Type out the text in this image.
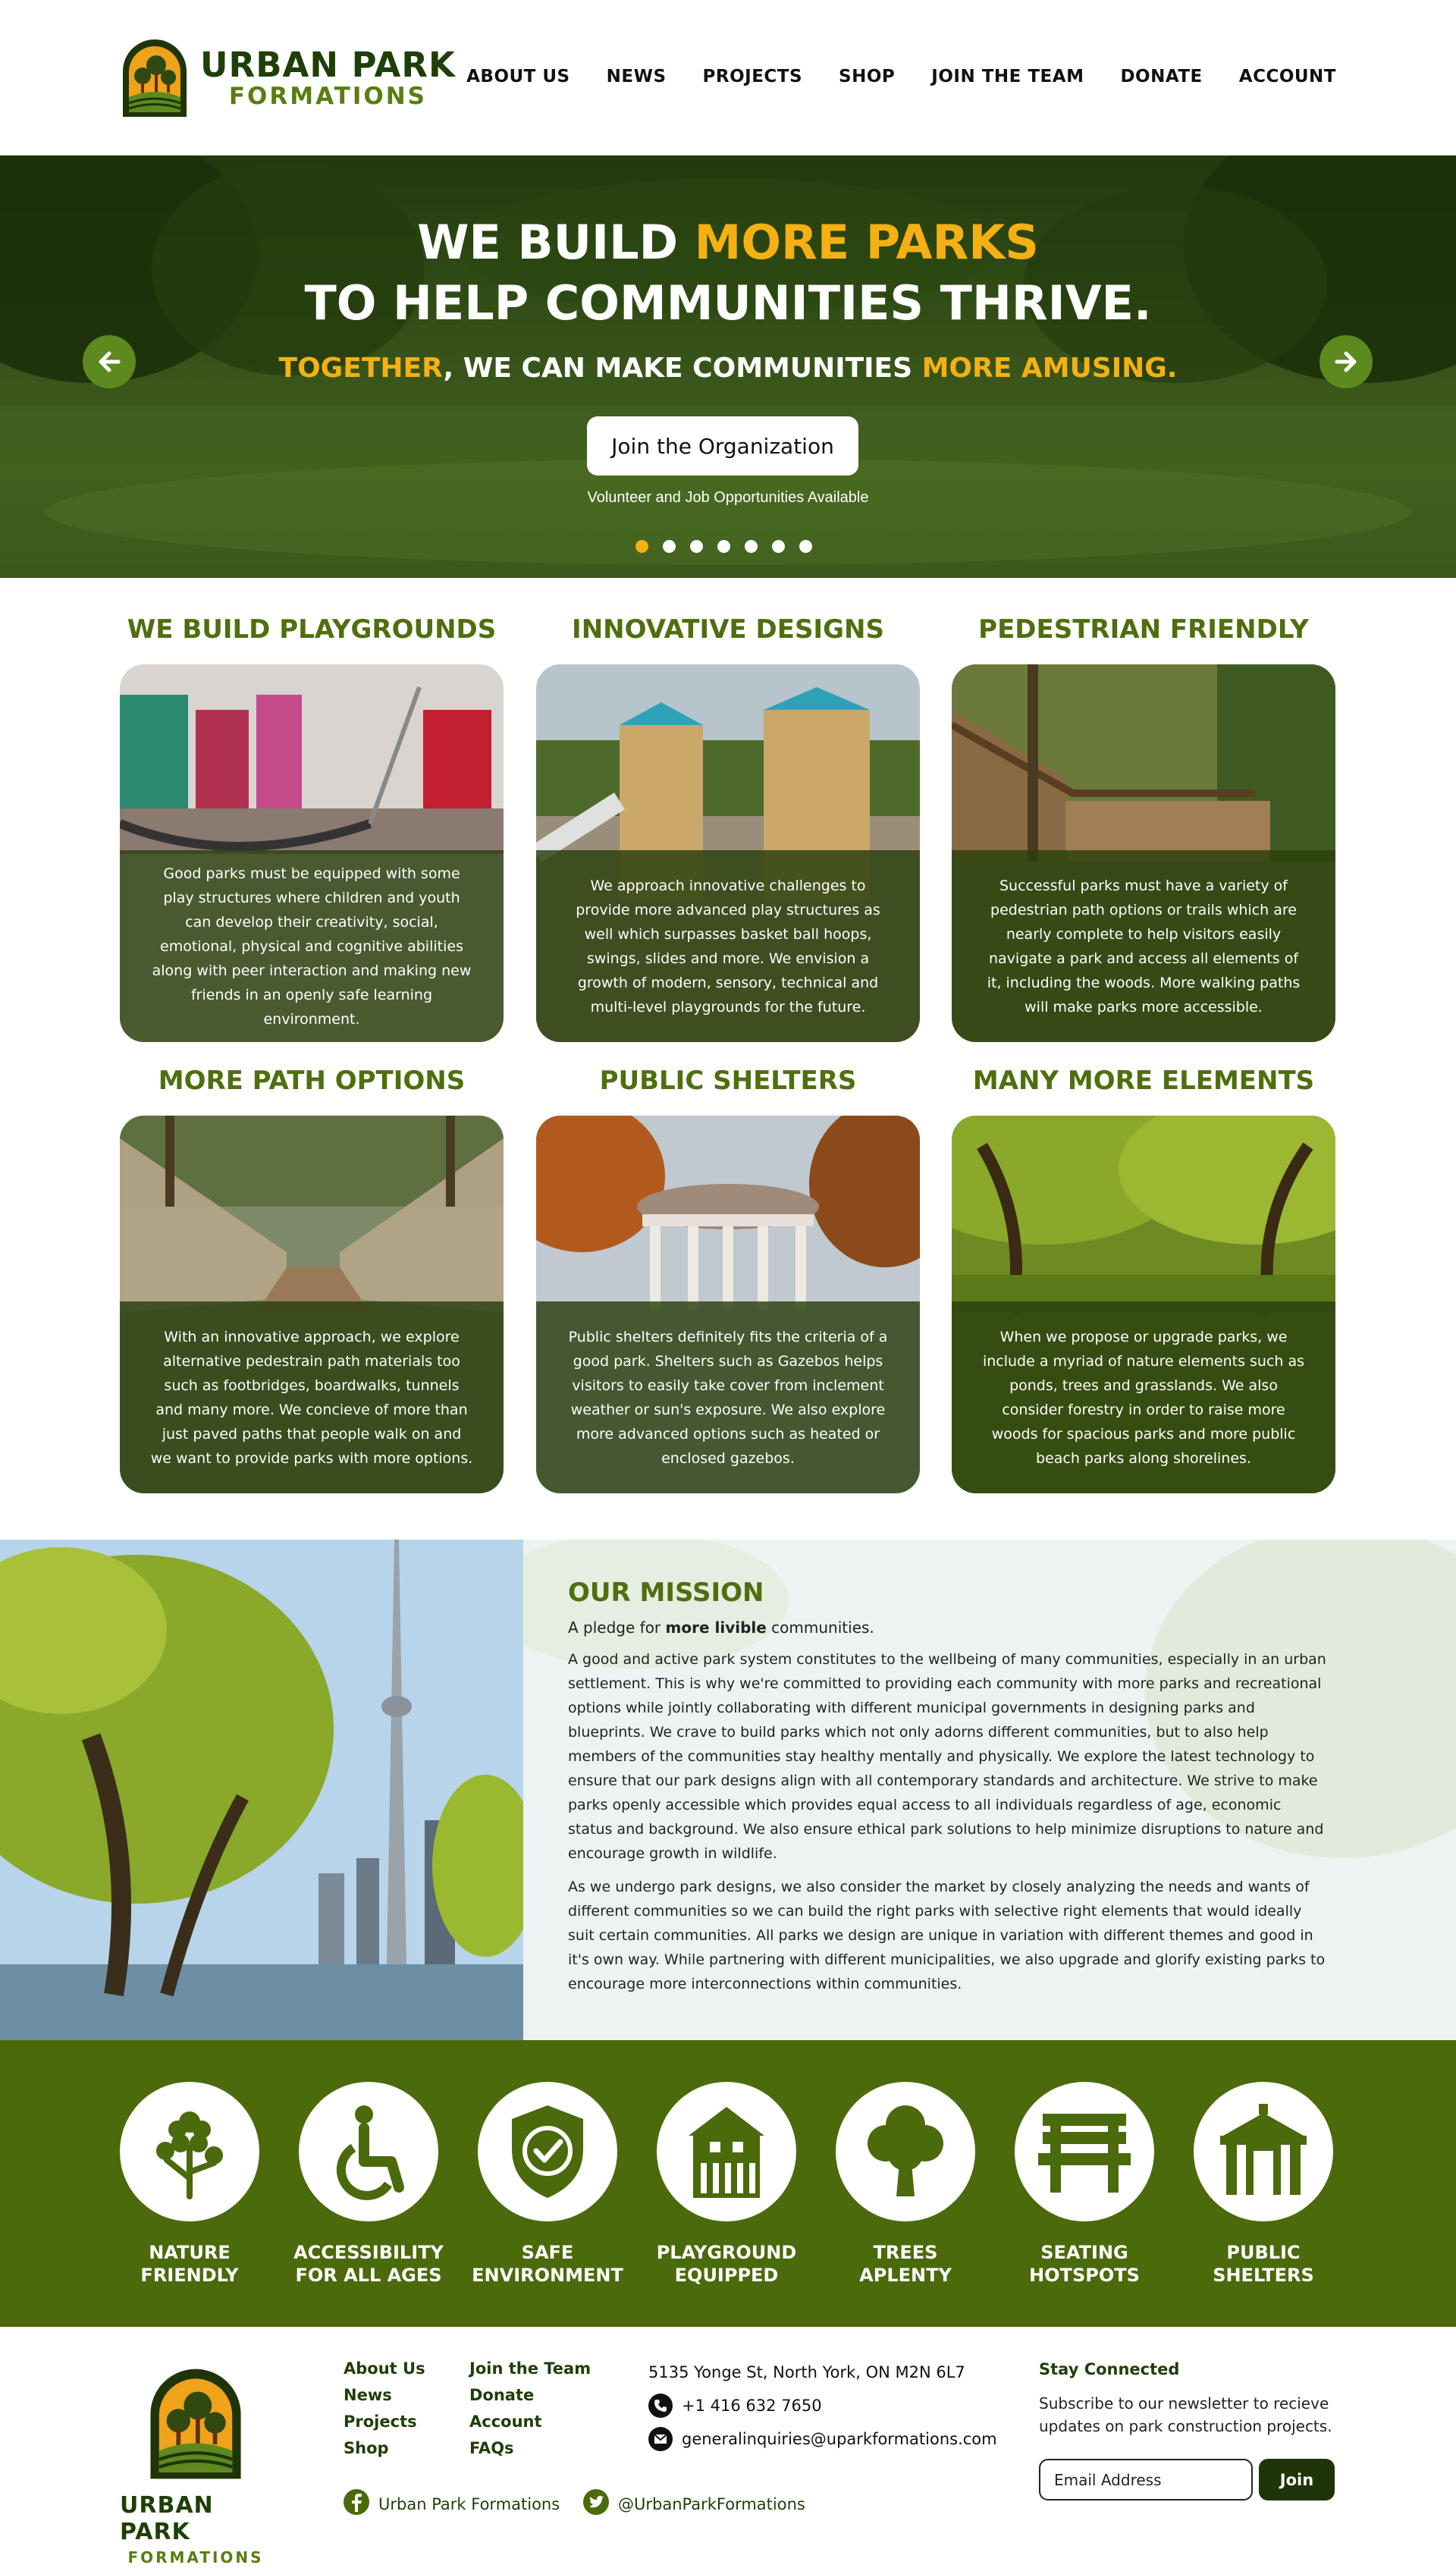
URBAN PARK
FORMATIONS
ABOUT US NEWS PROJECTS SHOP JOIN THE TEAM DONATE ACCOUNT
WE BUILD MORE PARKS
TO HELP COMMUNITIES THRIVE.
TOGETHER, WE CAN MAKE COMMUNITIES MORE AMUSING.
Join the Organization
Volunteer and Job Opportunities Available
WE BUILD PLAYGROUNDS	INNOVATIVE DESIGNS	PEDESTRIAN FRIENDLY
Good parks must be equipped with some play structures where children and youth can develop their creativity, social, emotional, physical and cognitive abilities along with peer interaction and making new friends in an openly safe learning environment.
We approach innovative challenges to provide more advanced play structures as well which surpasses basket ball hoops, swings, slides and more. We envision a growth of modern, sensory, technical and multi-level playgrounds for the future.
Successful parks must have a variety of pedestrian path options or trails which are nearly complete to help visitors easily navigate a park and access all elements of it, including the woods. More walking paths will make parks more accessible.
MORE PATH OPTIONS	PUBLIC SHELTERS	MANY MORE ELEMENTS
With an innovative approach, we explore alternative pedestrain path materials too such as footbridges, boardwalks, tunnels and many more. We concieve of more than just paved paths that people walk on and we want to provide parks with more options.
Public shelters definitely fits the criteria of a good park. Shelters such as Gazebos helps visitors to easily take cover from inclement weather or sun's exposure. We also explore more advanced options such as heated or enclosed gazebos.
When we propose or upgrade parks, we include a myriad of nature elements such as ponds, trees and grasslands. We also consider forestry in order to raise more woods for spacious parks and more public beach parks along shorelines.
OUR MISSION

A pledge for more livible communities.

A good and active park system constitutes to the wellbeing of many communities, especially in an urban settlement. This is why we're committed to providing each community with more parks and recreational options while jointly collaborating with different municipal governments in designing parks and blueprints. We crave to build parks which not only adorns different communities, but to also help members of the communities stay healthy mentally and physically. We explore the latest technology to ensure that our park designs align with all contemporary standards and architecture. We strive to make parks openly accessible which provides equal access to all individuals regardless of age, economic status and background. We also ensure ethical park solutions to help minimize disruptions to nature and encourage growth in wildlife.

As we undergo park designs, we also consider the market by closely analyzing the needs and wants of different communities so we can build the right parks with selective right elements that would ideally suit certain communities. All parks we design are unique in variation with different themes and good in it's own way. While partnering with different municipalities, we also upgrade and glorify existing parks to encourage more interconnections within communities.

NATURE
FRIENDLY
ACCESSIBILITY
FOR ALL AGES
SAFE
ENVIRONMENT
PLAYGROUND
EQUIPPED
TREES APLENTY
SEATING
HOTSPOTS
PUBLIC
SHELTERS
URBAN PARK
FORMATIONS
About Us
News
Projects
Shop
Join the Team
Donate
Account
FAQs
5135 Yonge St, North York, ON M2N 6L7
+1 416 632 7650
generalinquiries@uparkformations.com
Urban Park Formations	@UrbanParkFormations
Stay Connected

Subscribe to our newsletter to recieve updates on park construction projects.

Email Address
Join
